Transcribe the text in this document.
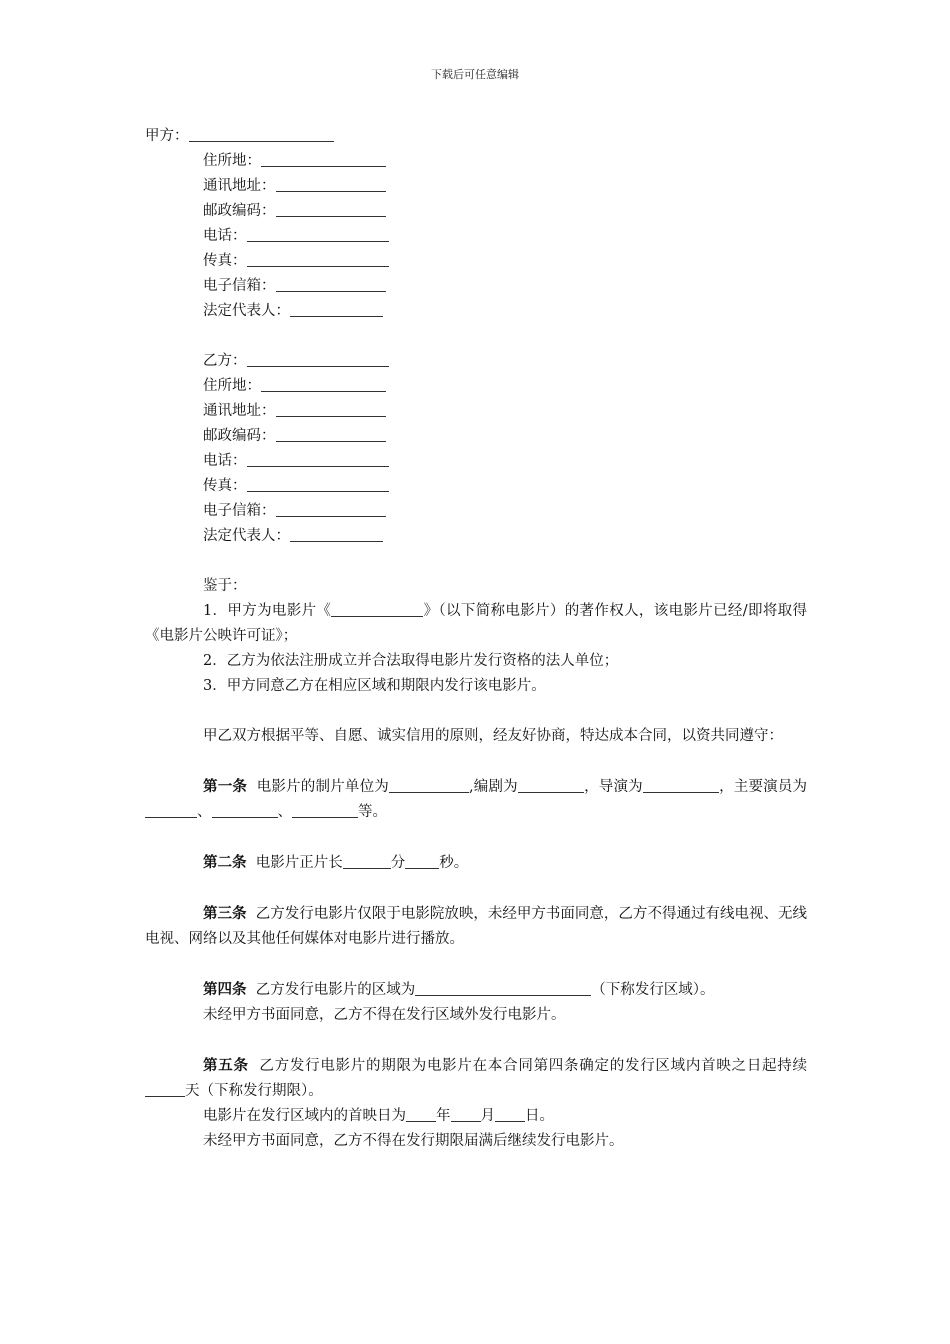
下载后可任意编辑
甲方：
住所地：
通讯地址：
邮政编码：
电话：
传真：
电子信箱：
法定代表人：
乙方：
住所地：
通讯地址：
邮政编码：
电话：
传真：
电子信箱：
法定代表人：
鉴于：
1．甲方为电影片《	》（以下简称电影片）的著作权人，该电影片已经/即将取得《电影片公映许可证》；
2．乙方为依法注册成立并合法取得电影片发行资格的法人单位；
3．甲方同意乙方在相应区域和期限内发行该电影片。
甲乙双方根据平等、自愿、诚实信用的原则，经友好协商，特达成本合同，以资共同遵守：
第一条 电影片的制片单位为	,编剧为	，导演为	，主要演员为、	、	等。
第二条 电影片正片长	分 秒。
第三条 乙方发行电影片仅限于电影院放映，未经甲方书面同意，乙方不得通过有线电视、无线电视、网络以及其他任何媒体对电影片进行播放。
第四条 乙方发行电影片的区域为	（下称发行区域）。
未经甲方书面同意，乙方不得在发行区域外发行电影片。
第五条 乙方发行电影片的期限为电影片在本合同第四条确定的发行区域内首映之日起持续天（下称发行期限）。
电影片在发行区域内的首映日为 年 月 日。
未经甲方书面同意，乙方不得在发行期限届满后继续发行电影片。
